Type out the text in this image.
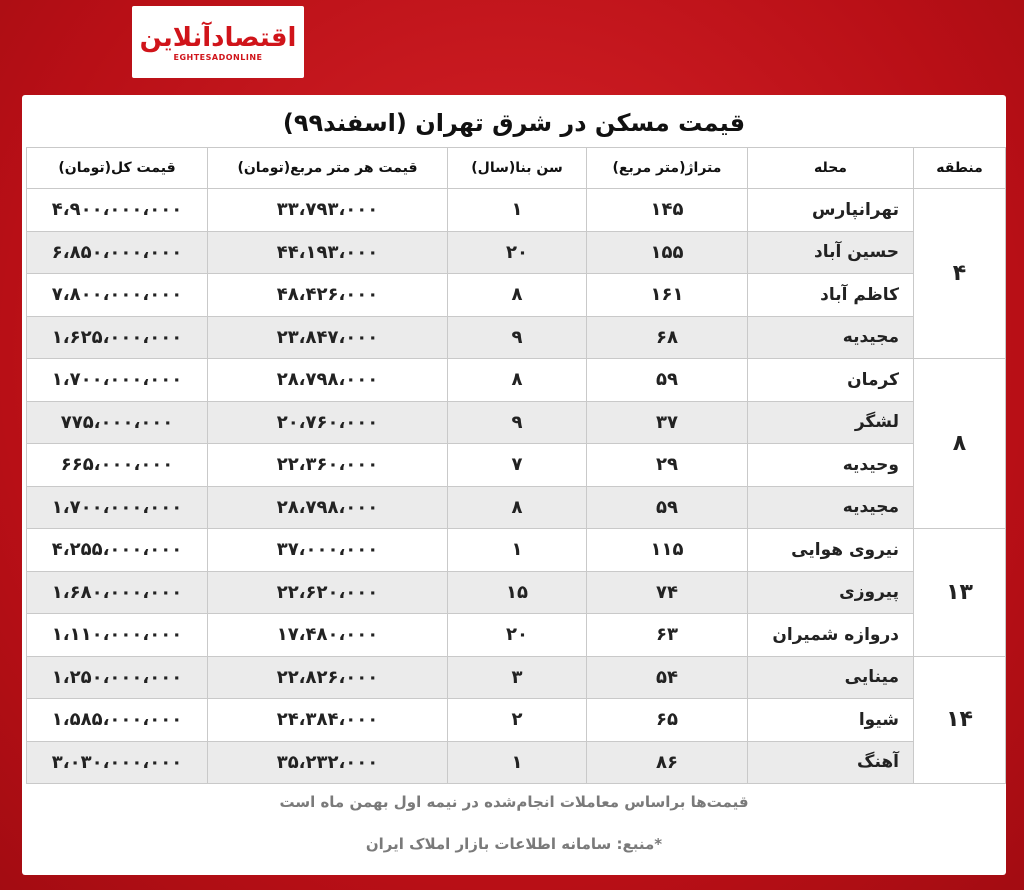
اقتصادآنلاین
EGHTESADONLINE
قیمت مسکن در شرق تهران (اسفند۹۹)
منطقه	محله	متراژ(متر مربع)	سن بنا(سال)	قیمت هر متر مربع(تومان)	قیمت کل(تومان)
۴	تهرانپارس	۱۴۵	۱	۳۳،۷۹۳،۰۰۰	۴،۹۰۰،۰۰۰،۰۰۰
	حسین آباد	۱۵۵	۲۰	۴۴،۱۹۳،۰۰۰	۶،۸۵۰،۰۰۰،۰۰۰
	کاظم آباد	۱۶۱	۸	۴۸،۴۲۶،۰۰۰	۷،۸۰۰،۰۰۰،۰۰۰
	مجیدیه	۶۸	۹	۲۳،۸۴۷،۰۰۰	۱،۶۲۵،۰۰۰،۰۰۰
۸	کرمان	۵۹	۸	۲۸،۷۹۸،۰۰۰	۱،۷۰۰،۰۰۰،۰۰۰
	لشگر	۳۷	۹	۲۰،۷۶۰،۰۰۰	۷۷۵،۰۰۰،۰۰۰
	وحیدیه	۲۹	۷	۲۲،۳۶۰،۰۰۰	۶۶۵،۰۰۰،۰۰۰
	مجیدیه	۵۹	۸	۲۸،۷۹۸،۰۰۰	۱،۷۰۰،۰۰۰،۰۰۰
۱۳	نیروی هوایی	۱۱۵	۱	۳۷،۰۰۰،۰۰۰	۴،۲۵۵،۰۰۰،۰۰۰
	پیروزی	۷۴	۱۵	۲۲،۶۲۰،۰۰۰	۱،۶۸۰،۰۰۰،۰۰۰
	دروازه شمیران	۶۳	۲۰	۱۷،۴۸۰،۰۰۰	۱،۱۱۰،۰۰۰،۰۰۰
۱۴	مینایی	۵۴	۳	۲۲،۸۲۶،۰۰۰	۱،۲۵۰،۰۰۰،۰۰۰
	شیوا	۶۵	۲	۲۴،۳۸۴،۰۰۰	۱،۵۸۵،۰۰۰،۰۰۰
	آهنگ	۸۶	۱	۳۵،۲۳۲،۰۰۰	۳،۰۳۰،۰۰۰،۰۰۰
قیمت‌ها براساس معاملات انجام‌شده در نیمه اول بهمن ماه است
*منبع: سامانه اطلاعات بازار املاک ایران
